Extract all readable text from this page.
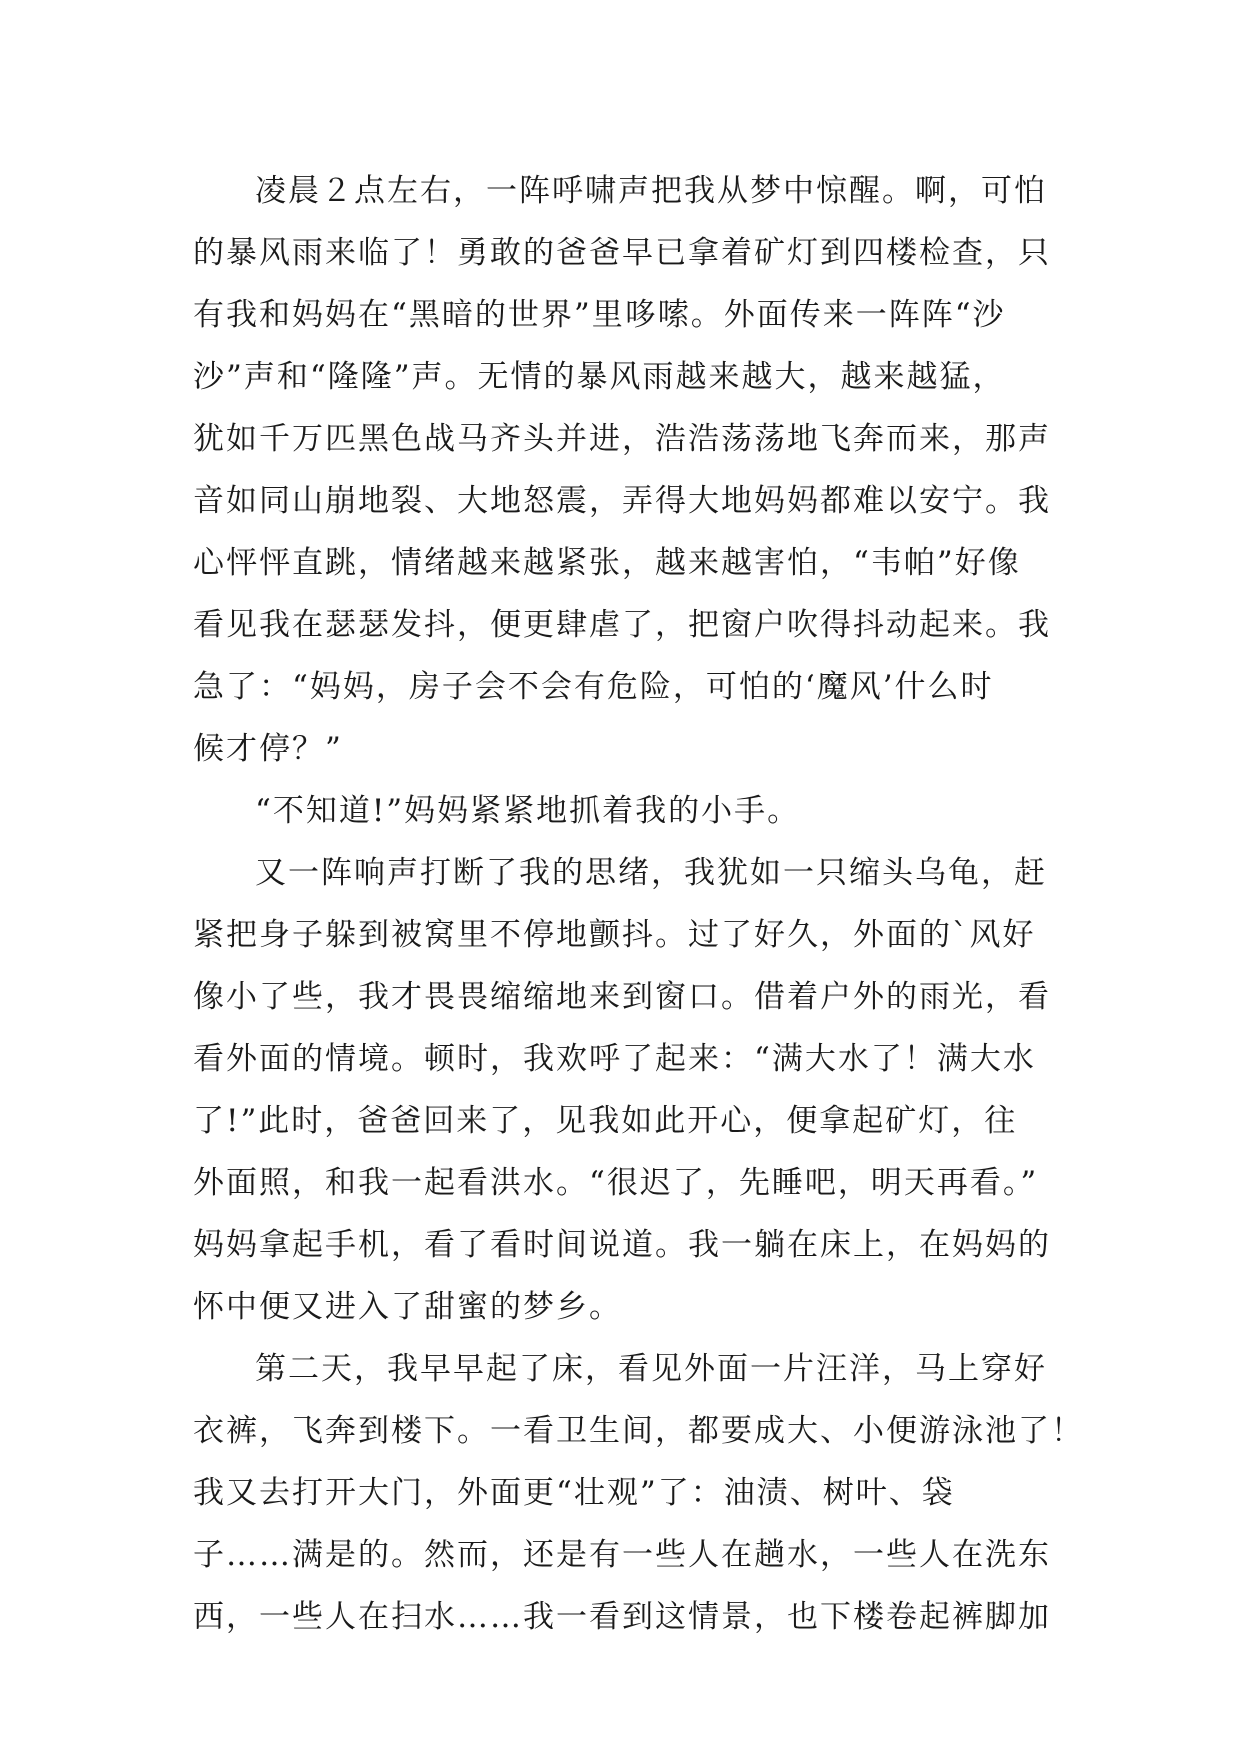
凌晨２点左右，一阵呼啸声把我从梦中惊醒。啊，可怕
的暴风雨来临了！勇敢的爸爸早已拿着矿灯到四楼检查，只
有我和妈妈在“黑暗的世界”里哆嗦。外面传来一阵阵“沙
沙”声和“隆隆”声。无情的暴风雨越来越大，越来越猛，
犹如千万匹黑色战马齐头并进，浩浩荡荡地飞奔而来，那声
音如同山崩地裂、大地怒震，弄得大地妈妈都难以安宁。我
心怦怦直跳，情绪越来越紧张，越来越害怕，“韦帕”好像
看见我在瑟瑟发抖，便更肆虐了，把窗户吹得抖动起来。我
急了：“妈妈，房子会不会有危险，可怕的‘魔风’什么时
候才停？”
“不知道!”妈妈紧紧地抓着我的小手。
又一阵响声打断了我的思绪，我犹如一只缩头乌龟，赶
紧把身子躲到被窝里不停地颤抖。过了好久，外面的`风好
像小了些，我才畏畏缩缩地来到窗口。借着户外的雨光，看
看外面的情境。顿时，我欢呼了起来：“满大水了！满大水
了!”此时，爸爸回来了，见我如此开心，便拿起矿灯，往
外面照，和我一起看洪水。“很迟了，先睡吧，明天再看。”
妈妈拿起手机，看了看时间说道。我一躺在床上，在妈妈的
怀中便又进入了甜蜜的梦乡。
第二天，我早早起了床，看见外面一片汪洋，马上穿好
衣裤，飞奔到楼下。一看卫生间，都要成大、小便游泳池了！
我又去打开大门，外面更“壮观”了：油渍、树叶、袋
子……满是的。然而，还是有一些人在趟水，一些人在洗东
西，一些人在扫水……我一看到这情景，也下楼卷起裤脚加
